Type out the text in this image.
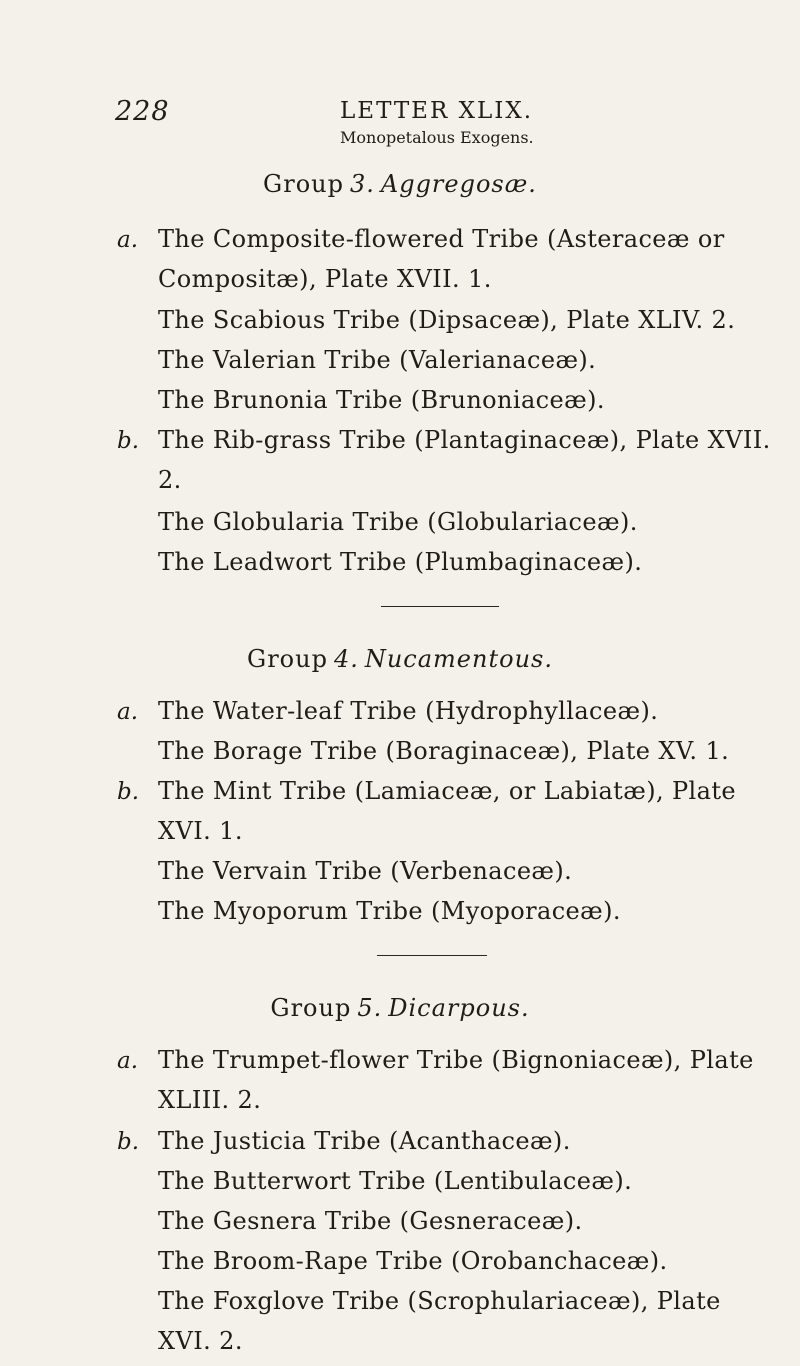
228	LETTER XLIX.
Monopetalous Exogens.
Group 3. Aggregosæ.
a. The Composite-flowered Tribe (Asteraceæ or
Compositæ), Plate XVII. 1.
The Scabious Tribe (Dipsaceæ), Plate XLIV. 2.
The Valerian Tribe (Valerianaceæ).
The Brunonia Tribe (Brunoniaceæ).
b. The Rib-grass Tribe (Plantaginaceæ), Plate XVII.
2.
The Globularia Tribe (Globulariaceæ).
The Leadwort Tribe (Plumbaginaceæ).
Group 4. Nucamentous.
a. The Water-leaf Tribe (Hydrophyllaceæ).
The Borage Tribe (Boraginaceæ), Plate XV. 1.
b. The Mint Tribe (Lamiaceæ, or Labiatæ), Plate
XVI. 1.
The Vervain Tribe (Verbenaceæ).
The Myoporum Tribe (Myoporaceæ).
Group 5. Dicarpous.
a. The Trumpet-flower Tribe (Bignoniaceæ), Plate
XLIII. 2.
b. The Justicia Tribe (Acanthaceæ).
The Butterwort Tribe (Lentibulaceæ).
The Gesnera Tribe (Gesneraceæ).
The Broom-Rape Tribe (Orobanchaceæ).
The Foxglove Tribe (Scrophulariaceæ), Plate
XVI. 2.
